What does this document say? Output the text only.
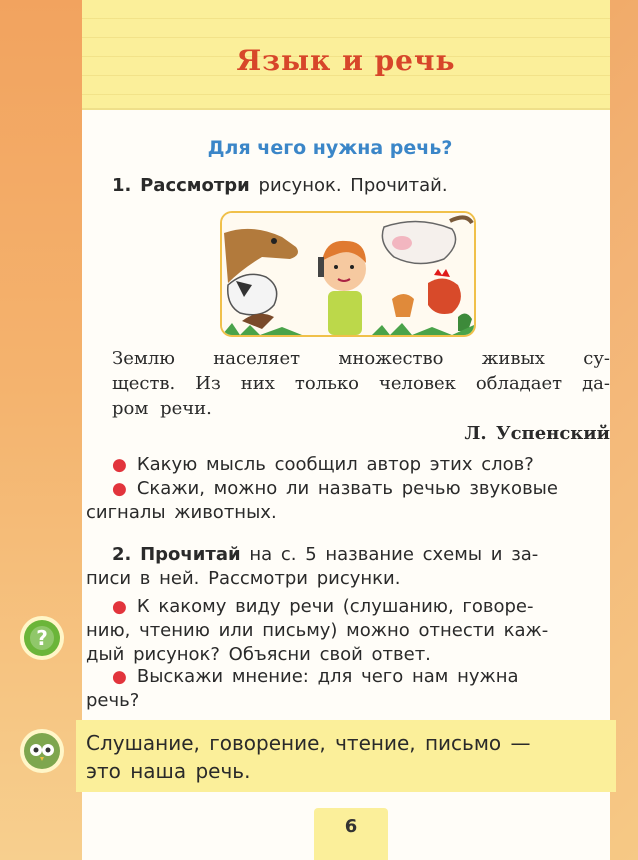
Язык и речь
Для чего нужна речь?
1. Рассмотри рисунок. Прочитай.
Землю населяет множество живых су-
ществ. Из них только человек обладает да-
ром речи.
Л. Успенский
● Какую мысль сообщил автор этих слов?
● Скажи, можно ли назвать речью звуковые
сигналы животных.
2. Прочитай на с. 5 название схемы и за-
писи в ней. Рассмотри рисунки.
● К какому виду речи (слушанию, говоре-
нию, чтению или письму) можно отнести каж-
дый рисунок? Объясни свой ответ.
● Выскажи мнение: для чего нам нужна
речь?
?
Слушание, говорение, чтение, письмо —
это наша речь.
6
